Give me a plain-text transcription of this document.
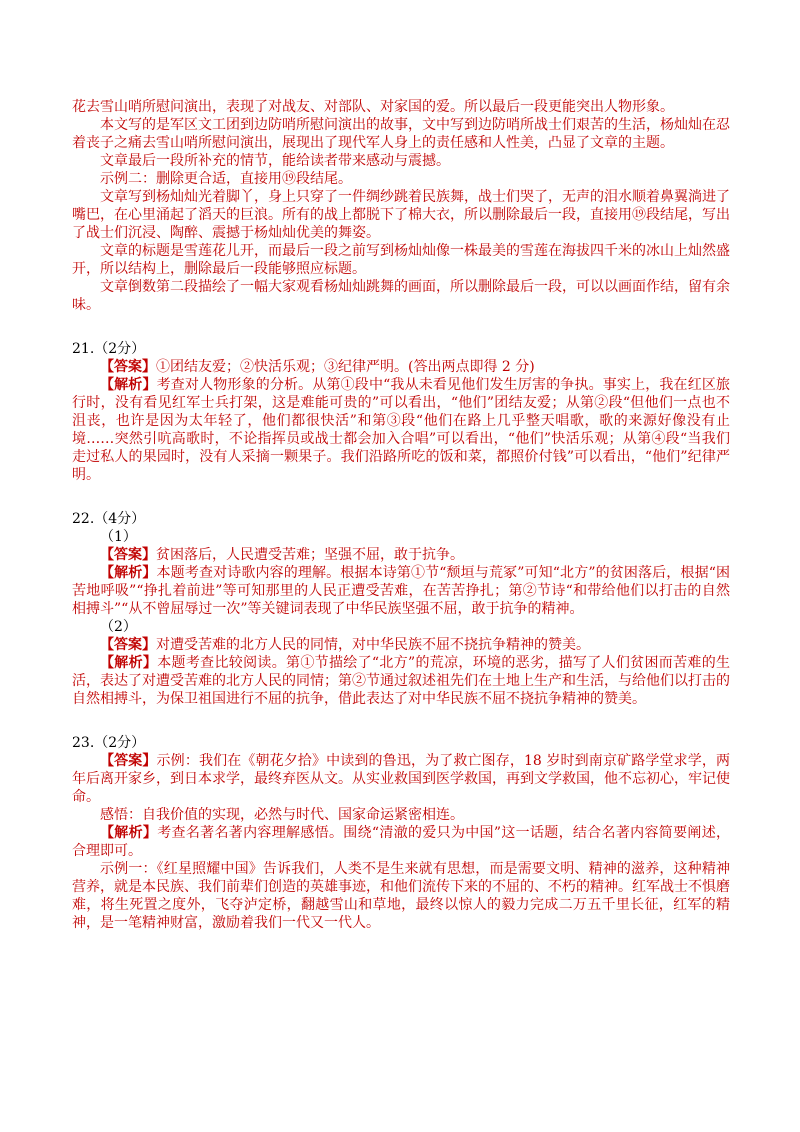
花去雪山哨所慰问演出，表现了对战友、对部队、对家国的爱。所以最后一段更能突出人物形象。

本文写的是军区文工团到边防哨所慰问演出的故事，文中写到边防哨所战士们艰苦的生活，杨灿灿在忍着丧子之痛去雪山哨所慰问演出，展现出了现代军人身上的责任感和人性美，凸显了文章的主题。

文章最后一段所补充的情节，能给读者带来感动与震撼。

示例二：删除更合适，直接用⑲段结尾。

文章写到杨灿灿光着脚丫，身上只穿了一件绸纱跳着民族舞，战士们哭了，无声的泪水顺着鼻翼淌进了嘴巴，在心里涌起了滔天的巨浪。所有的战上都脱下了棉大衣，所以删除最后一段，直接用⑲段结尾，写出了战士们沉浸、陶醉、震撼于杨灿灿优美的舞姿。

文章的标题是雪莲花儿开，而最后一段之前写到杨灿灿像一株最美的雪莲在海拔四千米的冰山上灿然盛开，所以结构上，删除最后一段能够照应标题。

文章倒数第二段描绘了一幅大家观看杨灿灿跳舞的画面，所以删除最后一段，可以以画面作结，留有余味。

21.（2分）

【答案】①团结友爱；②快活乐观；③纪律严明。(答出两点即得 2 分)

【解析】考查对人物形象的分析。从第①段中“我从未看见他们发生厉害的争执。事实上，我在红区旅行时，没有看见红军士兵打架，这是难能可贵的”可以看出，“他们”团结友爱；从第②段“但他们一点也不沮丧，也许是因为太年轻了，他们都很快活”和第③段“他们在路上几乎整天唱歌，歌的来源好像没有止境……突然引吭高歌时，不论指挥员或战士都会加入合唱”可以看出，“他们”快活乐观；从第④段“当我们走过私人的果园时，没有人采摘一颗果子。我们沿路所吃的饭和菜，都照价付钱”可以看出，“他们”纪律严明。

22.（4分）

（1）

【答案】贫困落后，人民遭受苦难；坚强不屈，敢于抗争。

【解析】本题考查对诗歌内容的理解。根据本诗第①节“颓垣与荒冢”可知“北方”的贫困落后，根据“困苦地呼吸”“挣扎着前进”等可知那里的人民正遭受苦难，在苦苦挣扎；第②节诗“和带给他们以打击的自然相搏斗”“从不曾屈辱过一次”等关键词表现了中华民族坚强不屈，敢于抗争的精神。

（2）

【答案】对遭受苦难的北方人民的同情，对中华民族不屈不挠抗争精神的赞美。

【解析】本题考查比较阅读。第①节描绘了“北方”的荒凉，环境的恶劣，描写了人们贫困而苦难的生活，表达了对遭受苦难的北方人民的同情；第②节通过叙述祖先们在土地上生产和生活，与给他们以打击的自然相搏斗，为保卫祖国进行不屈的抗争，借此表达了对中华民族不屈不挠抗争精神的赞美。

23.（2分）

【答案】示例：我们在《朝花夕拾》中读到的鲁迅，为了救亡图存，18 岁时到南京矿路学堂求学，两年后离开家乡，到日本求学，最终弃医从文。从实业救国到医学救国，再到文学救国，他不忘初心，牢记使命。

感悟：自我价值的实现，必然与时代、国家命运紧密相连。

【解析】考查名著名著内容理解感悟。围绕“清澈的爱只为中国”这一话题，结合名著内容简要阐述，合理即可。

示例一：《红星照耀中国》告诉我们，人类不是生来就有思想，而是需要文明、精神的滋养，这种精神营养，就是本民族、我们前辈们创造的英雄事迹，和他们流传下来的不屈的、不朽的精神。红军战士不惧磨难，将生死置之度外，飞夺泸定桥，翻越雪山和草地，最终以惊人的毅力完成二万五千里长征，红军的精神，是一笔精神财富，激励着我们一代又一代人。
